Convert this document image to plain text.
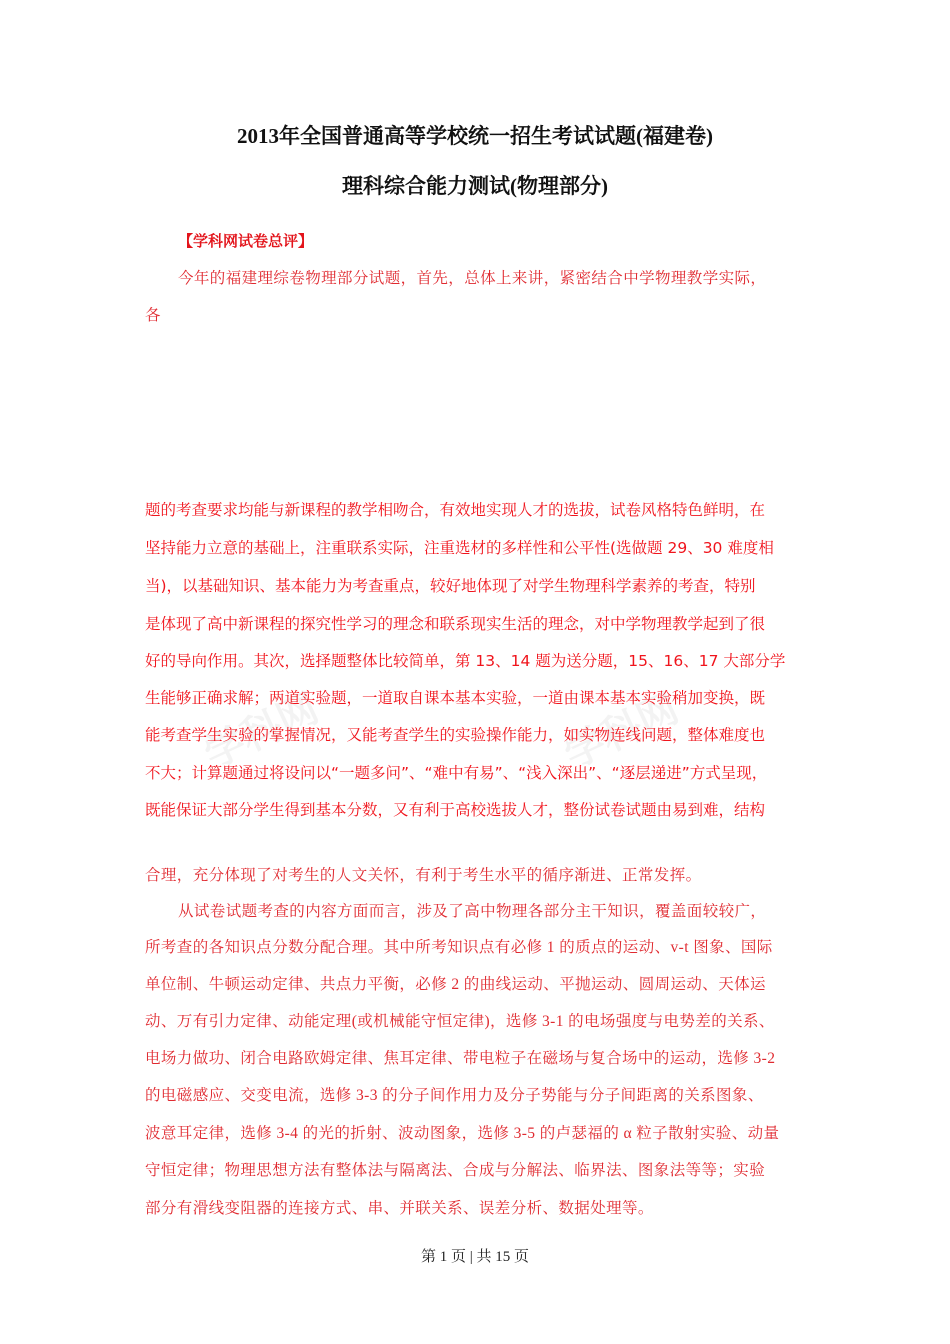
学科网	学科网
2013年全国普通高等学校统一招生考试试题(福建卷)
理科综合能力测试(物理部分)
【学科网试卷总评】
今年的福建理综卷物理部分试题，首先，总体上来讲，紧密结合中学物理教学实际，
各
题的考查要求均能与新课程的教学相吻合，有效地实现人才的选拔，试卷风格特色鲜明，在
坚持能力立意的基础上，注重联系实际，注重选材的多样性和公平性(选做题 29、30 难度相
当)，以基础知识、基本能力为考查重点，较好地体现了对学生物理科学素养的考查，特别
是体现了高中新课程的探究性学习的理念和联系现实生活的理念，对中学物理教学起到了很
好的导向作用。其次，选择题整体比较简单，第 13、14 题为送分题，15、16、17 大部分学
生能够正确求解；两道实验题，一道取自课本基本实验，一道由课本基本实验稍加变换，既
能考查学生实验的掌握情况，又能考查学生的实验操作能力，如实物连线问题，整体难度也
不大；计算题通过将设问以“一题多问”、“难中有易”、“浅入深出”、“逐层递进”方式呈现，
既能保证大部分学生得到基本分数，又有利于高校选拔人才，整份试卷试题由易到难，结构
合理，充分体现了对考生的人文关怀，有利于考生水平的循序渐进、正常发挥。
从试卷试题考查的内容方面而言，涉及了高中物理各部分主干知识，覆盖面较较广，
所考查的各知识点分数分配合理。其中所考知识点有必修 1 的质点的运动、v-t 图象、国际
单位制、牛顿运动定律、共点力平衡，必修 2 的曲线运动、平抛运动、圆周运动、天体运
动、万有引力定律、动能定理(或机械能守恒定律)，选修 3-1 的电场强度与电势差的关系、
电场力做功、闭合电路欧姆定律、焦耳定律、带电粒子在磁场与复合场中的运动，选修 3-2
的电磁感应、交变电流，选修 3-3 的分子间作用力及分子势能与分子间距离的关系图象、
波意耳定律，选修 3-4 的光的折射、波动图象，选修 3-5 的卢瑟福的 α 粒子散射实验、动量
守恒定律；物理思想方法有整体法与隔离法、合成与分解法、临界法、图象法等等；实验
部分有滑线变阻器的连接方式、串、并联关系、误差分析、数据处理等。
第 1 页 | 共 15 页
